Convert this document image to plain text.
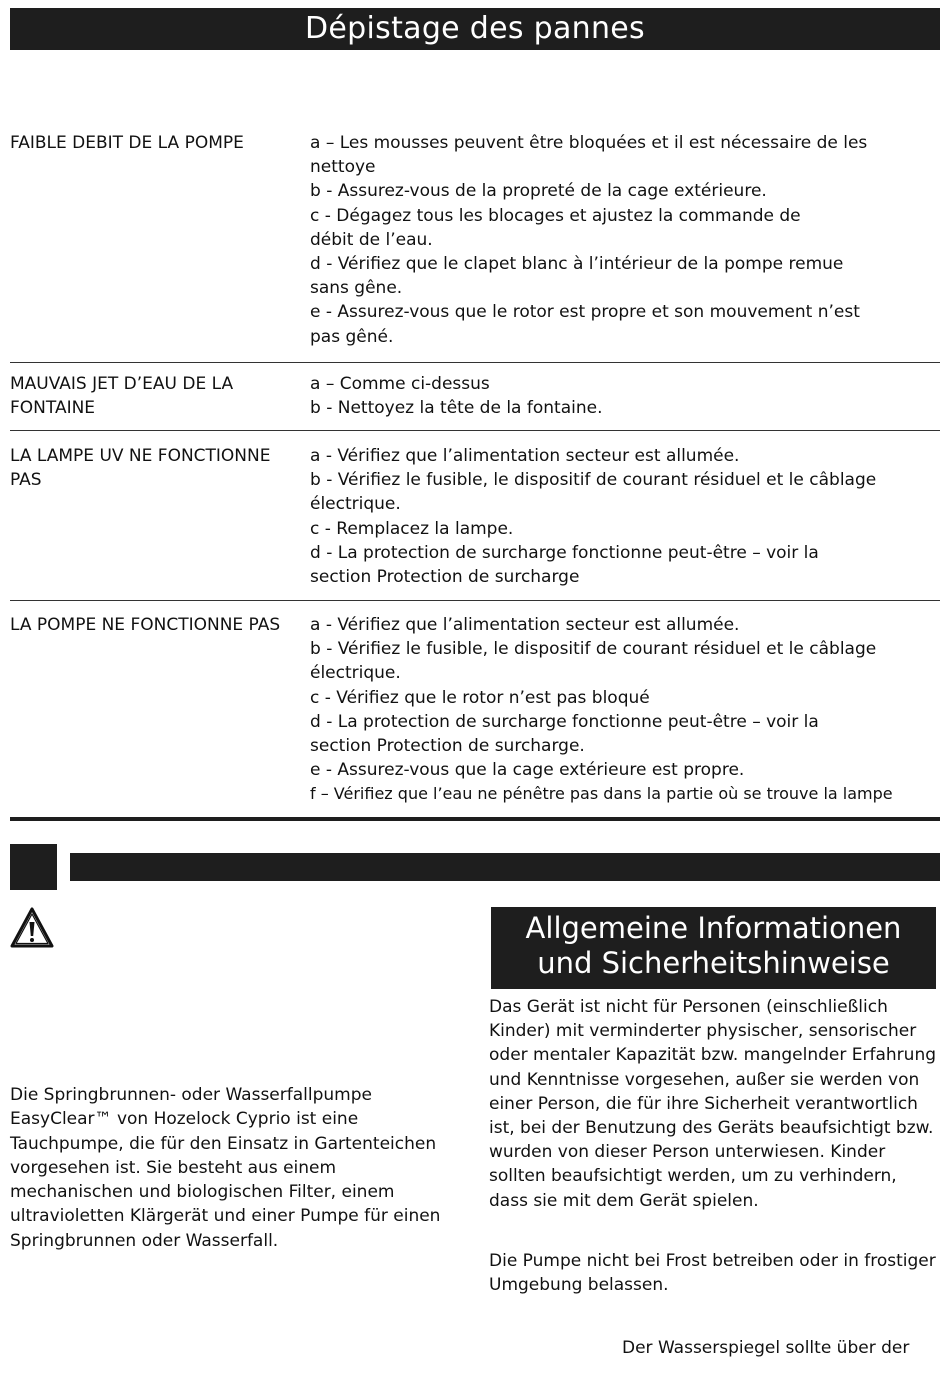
Dépistage des pannes
FAIBLE DEBIT DE LA POMPE	a – Les mousses peuvent être bloquées et il est nécessaire de les
nettoye
b - Assurez-vous de la propreté de la cage extérieure.
c - Dégagez tous les blocages et ajustez la commande de
débit de l’eau.
d - Vérifiez que le clapet blanc à l’intérieur de la pompe remue
sans gêne.
e - Assurez-vous que le rotor est propre et son mouvement n’est
pas gêné.
MAUVAIS JET D’EAU DE LA FONTAINE
a – Comme ci-dessus
b - Nettoyez la tête de la fontaine.
LA LAMPE UV NE FONCTIONNE PAS
a - Vérifiez que l’alimentation secteur est allumée.
b - Vérifiez le fusible, le dispositif de courant résiduel et le câblage
électrique.
c - Remplacez la lampe.
d - La protection de surcharge fonctionne peut-être – voir la
section Protection de surcharge
LA POMPE NE FONCTIONNE PAS	a - Vérifiez que l’alimentation secteur est allumée.
b - Vérifiez le fusible, le dispositif de courant résiduel et le câblage
électrique.
c - Vérifiez que le rotor n’est pas bloqué
d - La protection de surcharge fonctionne peut-être – voir la
section Protection de surcharge.
e - Assurez-vous que la cage extérieure est propre.
f – Vérifiez que l’eau ne pénêtre pas dans la partie où se trouve la lampe
Die Springbrunnen- oder Wasserfallpumpe EasyClear™ von Hozelock Cyprio ist eine Tauchpumpe, die für den Einsatz in Gartenteichen vorgesehen ist. Sie besteht aus einem mechanischen und biologischen Filter, einem ultravioletten Klärgerät und einer Pumpe für einen Springbrunnen oder Wasserfall.
Allgemeine Informationen
und Sicherheitshinweise
Das Gerät ist nicht für Personen (einschließlich Kinder) mit verminderter physischer, sensorischer oder mentaler Kapazität bzw. mangelnder Erfahrung und Kenntnisse vorgesehen, außer sie werden von einer Person, die für ihre Sicherheit verantwortlich ist, bei der Benutzung des Geräts beaufsichtigt bzw. wurden von dieser Person unterwiesen. Kinder sollten beaufsichtigt werden, um zu verhindern, dass sie mit dem Gerät spielen.
Die Pumpe nicht bei Frost betreiben oder in frostiger Umgebung belassen.
Der Wasserspiegel sollte über der
